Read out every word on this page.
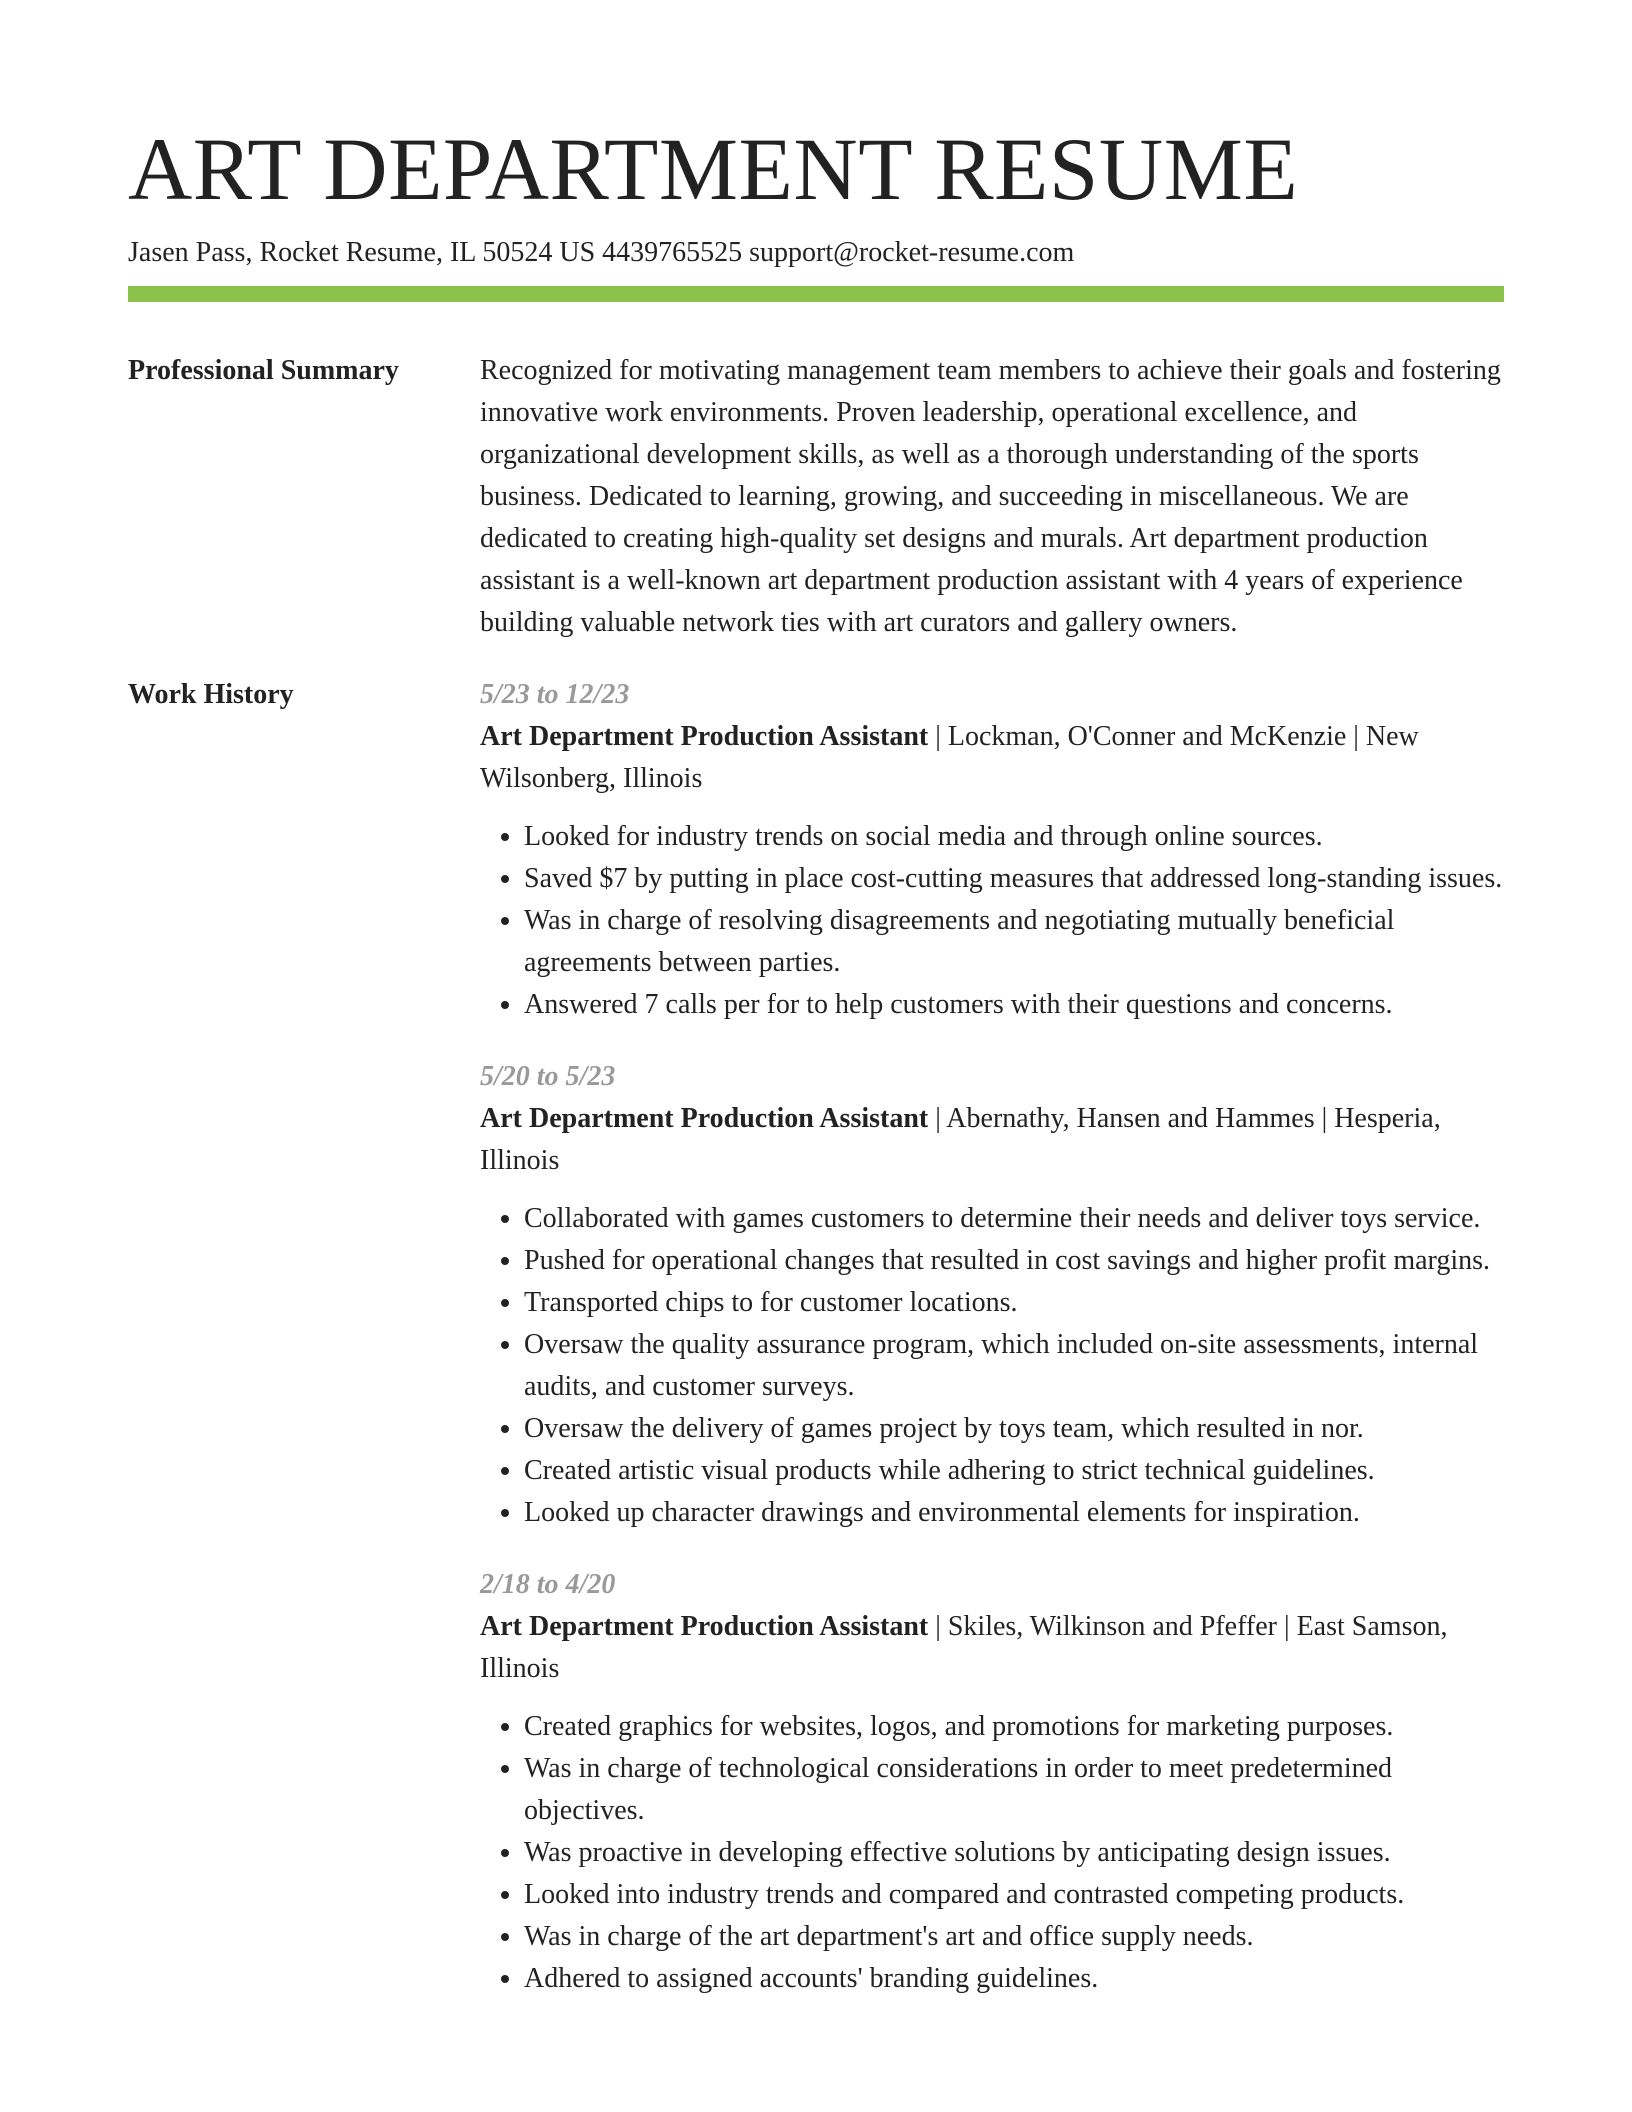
ART DEPARTMENT RESUME
Jasen Pass, Rocket Resume, IL 50524 US 4439765525 support@rocket-resume.com
Professional Summary	Recognized for motivating management team members to achieve their goals and fostering innovative work environments. Proven leadership, operational excellence, and organizational development skills, as well as a thorough understanding of the sports business. Dedicated to learning, growing, and succeeding in miscellaneous. We are dedicated to creating high-quality set designs and murals. Art department production assistant is a well-known art department production assistant with 4 years of experience building valuable network ties with art curators and gallery owners.

Work History	5/23 to 12/23
Art Department Production Assistant | Lockman, O'Conner and McKenzie | New Wilsonberg, Illinois
• Looked for industry trends on social media and through online sources.
• Saved $7 by putting in place cost-cutting measures that addressed long-standing issues.
• Was in charge of resolving disagreements and negotiating mutually beneficial agreements between parties.
• Answered 7 calls per for to help customers with their questions and concerns.
5/20 to 5/23
Art Department Production Assistant | Abernathy, Hansen and Hammes | Hesperia, Illinois
• Collaborated with games customers to determine their needs and deliver toys service.
• Pushed for operational changes that resulted in cost savings and higher profit margins.
• Transported chips to for customer locations.
• Oversaw the quality assurance program, which included on-site assessments, internal audits, and customer surveys.
• Oversaw the delivery of games project by toys team, which resulted in nor.
• Created artistic visual products while adhering to strict technical guidelines.
• Looked up character drawings and environmental elements for inspiration.
2/18 to 4/20
Art Department Production Assistant | Skiles, Wilkinson and Pfeffer | East Samson, Illinois
• Created graphics for websites, logos, and promotions for marketing purposes.
• Was in charge of technological considerations in order to meet predetermined objectives.
• Was proactive in developing effective solutions by anticipating design issues.
• Looked into industry trends and compared and contrasted competing products.
• Was in charge of the art department's art and office supply needs.
• Adhered to assigned accounts' branding guidelines.
